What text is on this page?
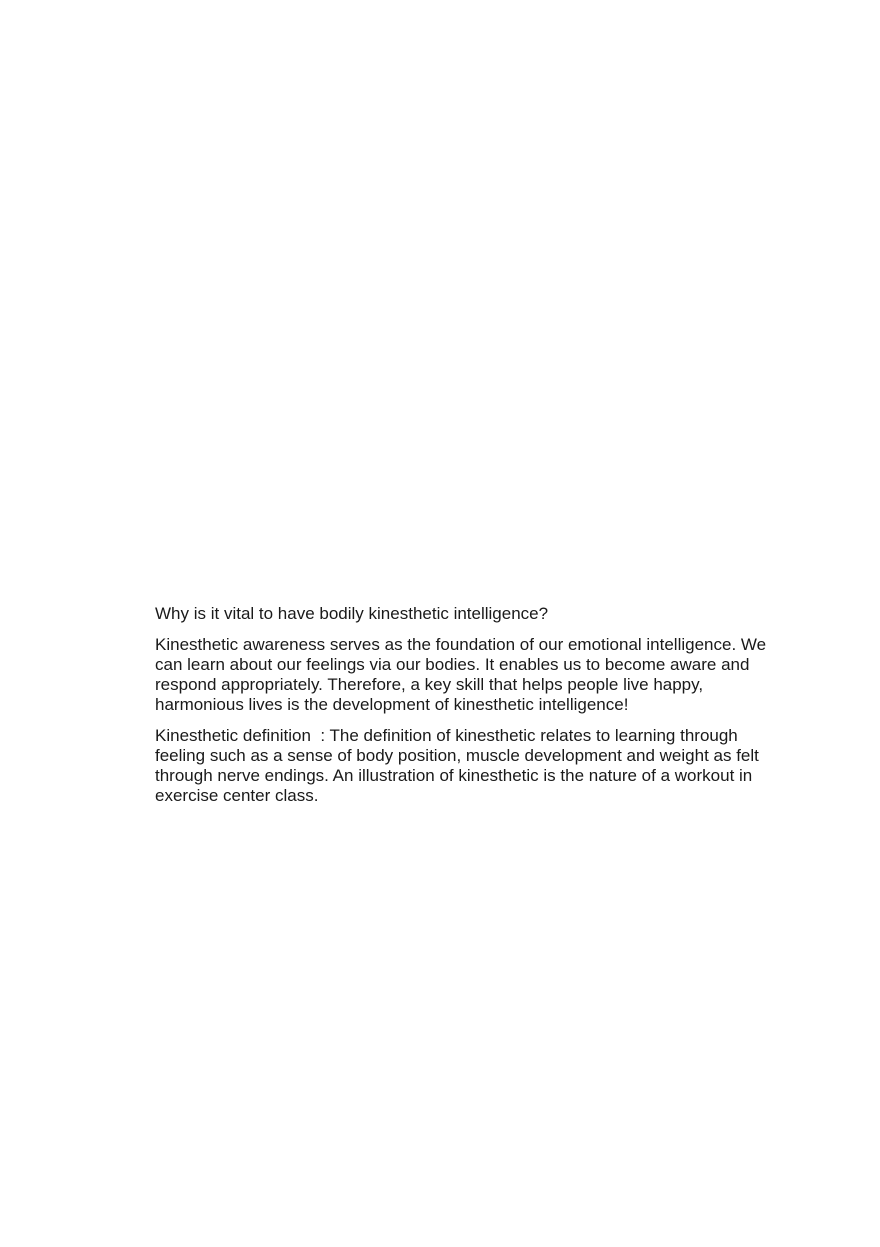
Why is it vital to have bodily kinesthetic intelligence?

Kinesthetic awareness serves as the foundation of our emotional intelligence. We can learn about our feelings via our bodies. It enables us to become aware and respond appropriately. Therefore, a key skill that helps people live happy, harmonious lives is the development of kinesthetic intelligence!

Kinesthetic definition  : The definition of kinesthetic relates to learning through feeling such as a sense of body position, muscle development and weight as felt through nerve endings. An illustration of kinesthetic is the nature of a workout in exercise center class.
